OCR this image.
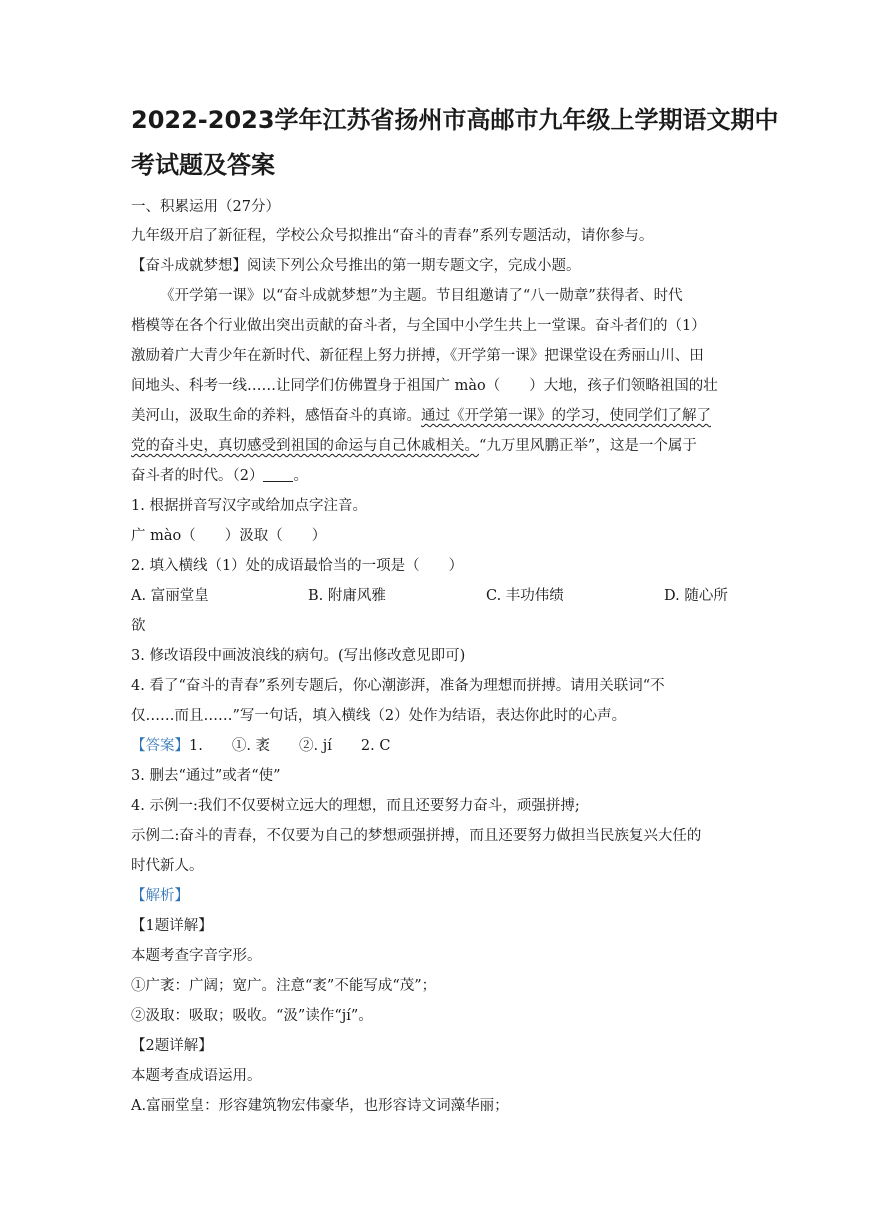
2022-2023学年江苏省扬州市高邮市九年级上学期语文期中
考试题及答案
一、积累运用（27分）
九年级开启了新征程，学校公众号拟推出“奋斗的青春”系列专题活动，请你参与。
【奋斗成就梦想】阅读下列公众号推出的第一期专题文字，完成小题。
《开学第一课》以“奋斗成就梦想”为主题。节目组邀请了“八一勋章”获得者、时代
楷模等在各个行业做出突出贡献的奋斗者，与全国中小学生共上一堂课。奋斗者们的（1）
激励着广大青少年在新时代、新征程上努力拼搏，《开学第一课》把课堂设在秀丽山川、田
间地头、科考一线……让同学们仿佛置身于祖国广 mào（　　）大地，孩子们领略祖国的壮
美河山，汲取生命的养料，感悟奋斗的真谛。通过《开学第一课》的学习，使同学们了解了
党的奋斗史，真切感受到祖国的命运与自己休戚相关。“九万里风鹏正举”，这是一个属于
奋斗者的时代。（2） 。
1. 根据拼音写汉字或给加点字注音。
广 mào（　　）汲取（　　）
2. 填入横线（1）处的成语最恰当的一项是（　　）
A. 富丽堂皇	B. 附庸风雅	C. 丰功伟绩	D. 随心所
欲
3. 修改语段中画波浪线的病句。(写出修改意见即可)
4. 看了“奋斗的青春”系列专题后，你心潮澎湃，准备为理想而拼搏。请用关联词“不
仅……而且……”写一句话，填入横线（2）处作为结语，表达你此时的心声。
【答案】1.　　①. 袤　　②. jí　　2. C
3. 删去“通过”或者“使”
4. 示例一:我们不仅要树立远大的理想，而且还要努力奋斗，顽强拼搏;
示例二:奋斗的青春，不仅要为自己的梦想顽强拼搏，而且还要努力做担当民族复兴大任的
时代新人。
【解析】
【1题详解】
本题考查字音字形。
①广袤：广阔；宽广。注意“袤”不能写成“茂”；
②汲取：吸取；吸收。“汲”读作“jí”。
【2题详解】
本题考查成语运用。
A.富丽堂皇：形容建筑物宏伟豪华，也形容诗文词藻华丽；
